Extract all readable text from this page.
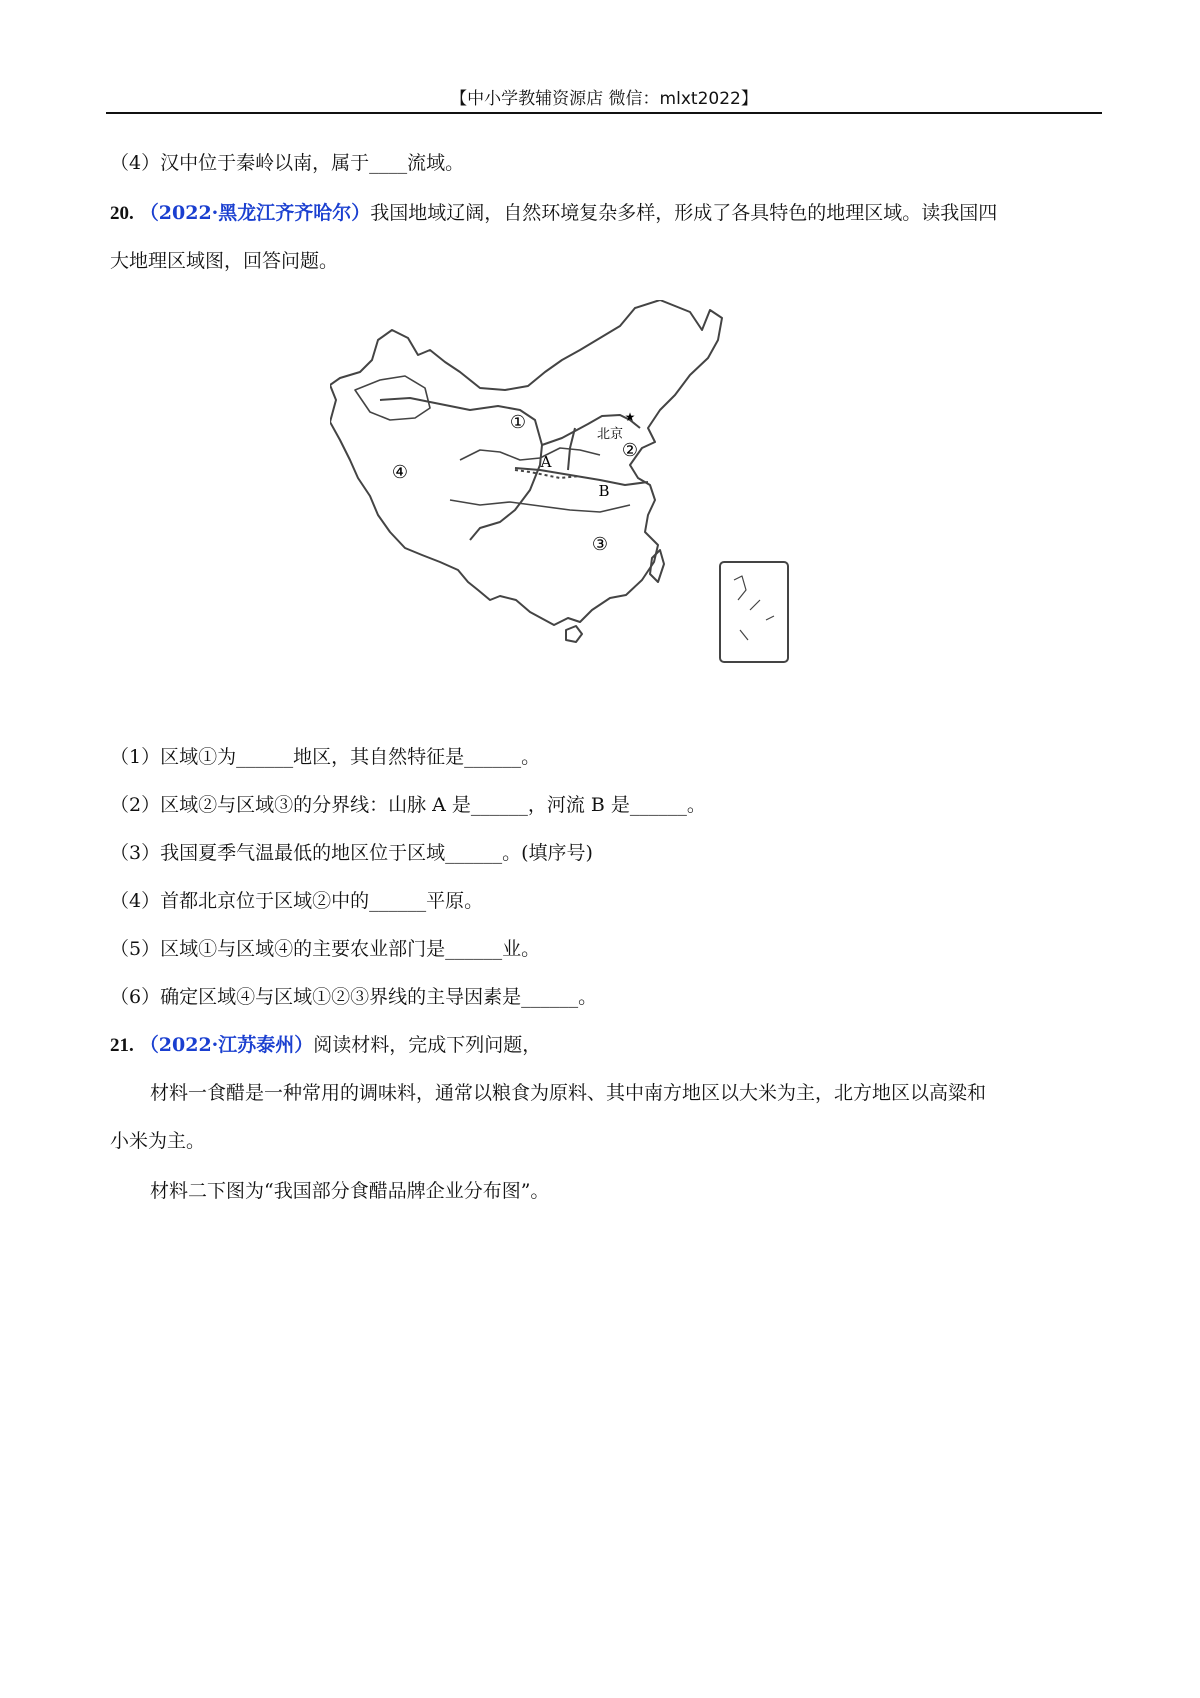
【中小学教辅资源店 微信：mlxt2022】
（4）汉中位于秦岭以南，属于____流域。
20. （2022·黑龙江齐齐哈尔）我国地域辽阔，自然环境复杂多样，形成了各具特色的地理区域。读我国四
大地理区域图，回答问题。
①
②
③
④	A
B
北京
★
（1）区域①为______地区，其自然特征是______。
（2）区域②与区域③的分界线：山脉 A 是______，河流 B 是______。
（3）我国夏季气温最低的地区位于区域______。(填序号)
（4）首都北京位于区域②中的______平原。
（5）区域①与区域④的主要农业部门是______业。
（6）确定区域④与区域①②③界线的主导因素是______。
21. （2022·江苏泰州）阅读材料，完成下列问题，
材料一食醋是一种常用的调味料，通常以粮食为原料、其中南方地区以大米为主，北方地区以高粱和
小米为主。
材料二下图为“我国部分食醋品牌企业分布图”。
